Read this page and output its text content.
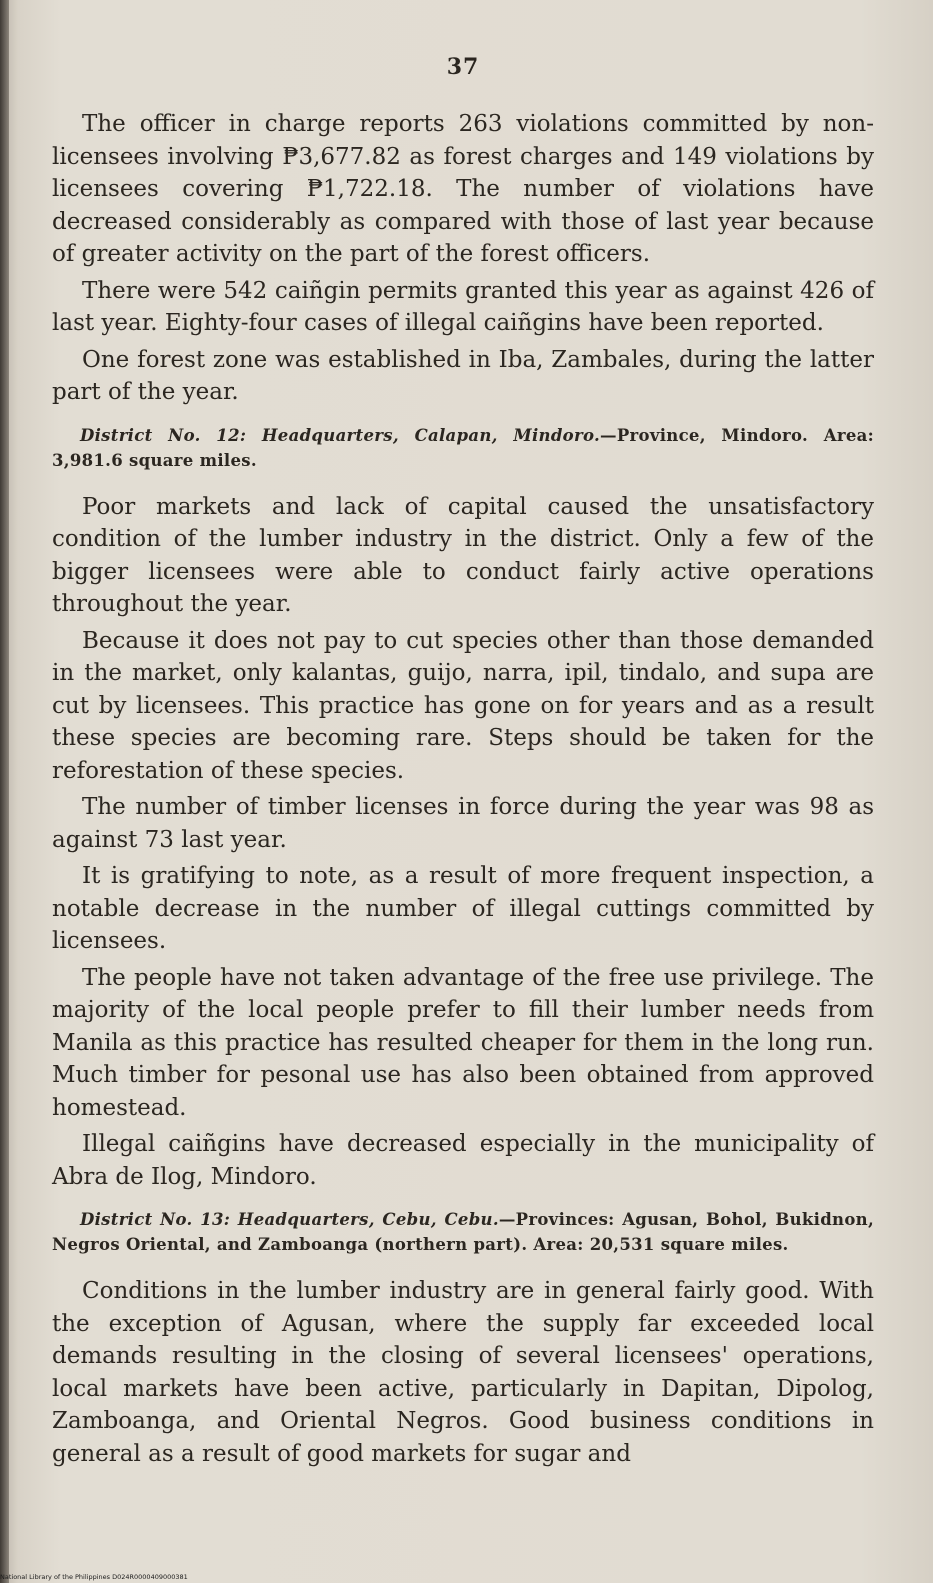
37

The officer in charge reports 263 violations committed by non-licensees involving ₱3,677.82 as forest charges and 149 violations by licensees covering ₱1,722.18. The number of violations have decreased considerably as compared with those of last year because of greater activity on the part of the forest officers.

There were 542 caiñgin permits granted this year as against 426 of last year. Eighty-four cases of illegal caiñgins have been reported.

One forest zone was established in Iba, Zambales, during the latter part of the year.

District No. 12: Headquarters, Calapan, Mindoro.—Province, Mindoro. Area: 3,981.6 square miles.

Poor markets and lack of capital caused the unsatisfactory condition of the lumber industry in the district. Only a few of the bigger licensees were able to conduct fairly active operations throughout the year.

Because it does not pay to cut species other than those demanded in the market, only kalantas, guijo, narra, ipil, tindalo, and supa are cut by licensees. This practice has gone on for years and as a result these species are becoming rare. Steps should be taken for the reforestation of these species.

The number of timber licenses in force during the year was 98 as against 73 last year.

It is gratifying to note, as a result of more frequent inspection, a notable decrease in the number of illegal cuttings committed by licensees.

The people have not taken advantage of the free use privilege. The majority of the local people prefer to fill their lumber needs from Manila as this practice has resulted cheaper for them in the long run. Much timber for pesonal use has also been obtained from approved homestead.

Illegal caiñgins have decreased especially in the municipality of Abra de Ilog, Mindoro.

District No. 13: Headquarters, Cebu, Cebu.—Provinces: Agusan, Bohol, Bukidnon, Negros Oriental, and Zamboanga (northern part). Area: 20,531 square miles.

Conditions in the lumber industry are in general fairly good. With the exception of Agusan, where the supply far exceeded local demands resulting in the closing of several licensees' operations, local markets have been active, particularly in Dapitan, Dipolog, Zamboanga, and Oriental Negros. Good business conditions in general as a result of good markets for sugar and

National Library of the Philippines D024R0000409000381
